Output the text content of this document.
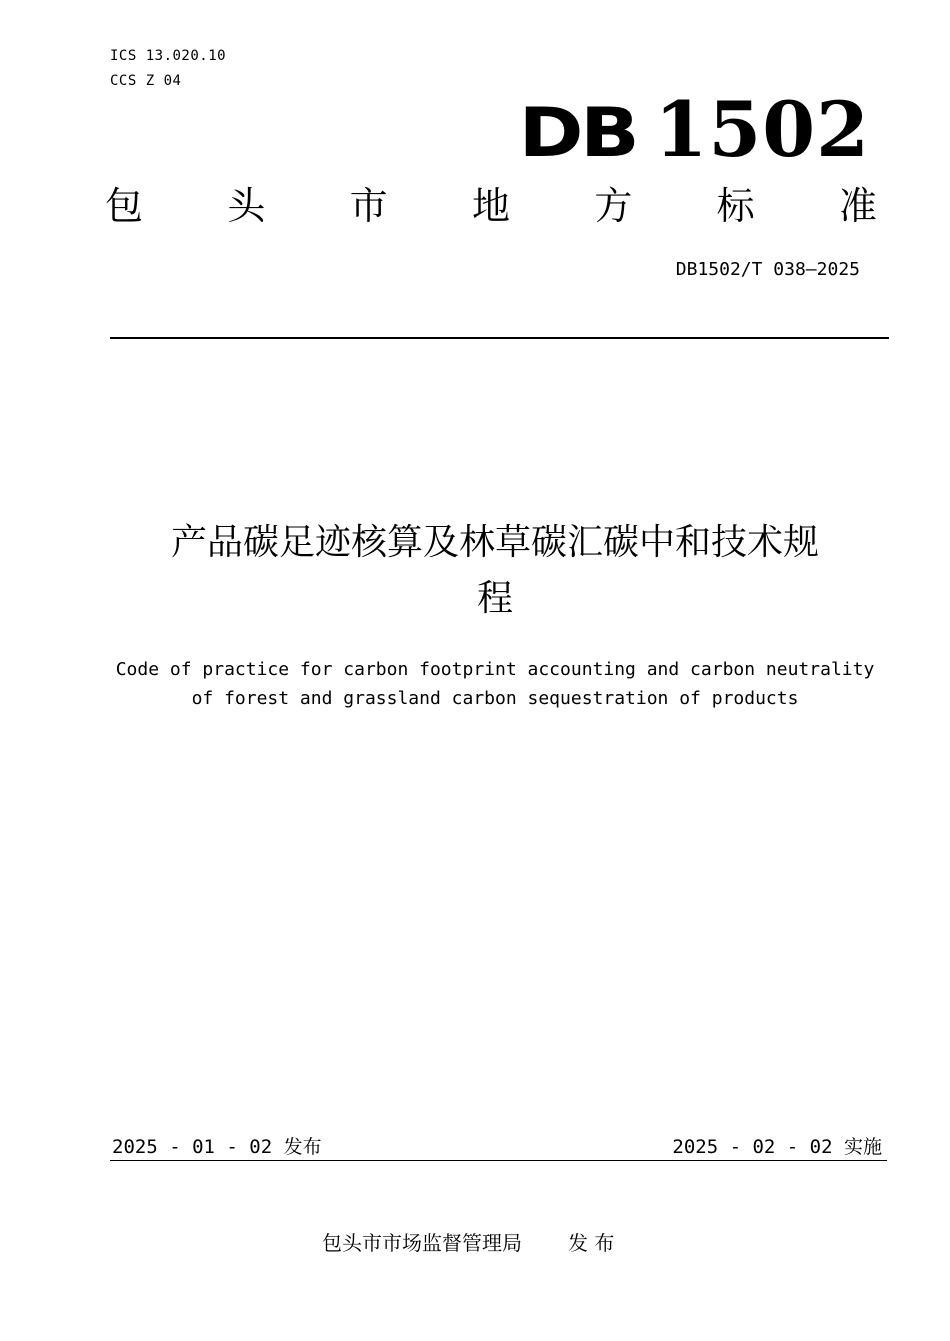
ICS 13.020.10
CCS Z 04
DB 1502
包 头 市 地 方 标 准
DB1502/T 038—2025
产品碳足迹核算及林草碳汇碳中和技术规
程
Code of practice for carbon footprint accounting and carbon neutrality
of forest and grassland carbon sequestration of products
2025 - 01 - 02 发布	2025 - 02 - 02 实施
包头市市场监督管理局 发 布
